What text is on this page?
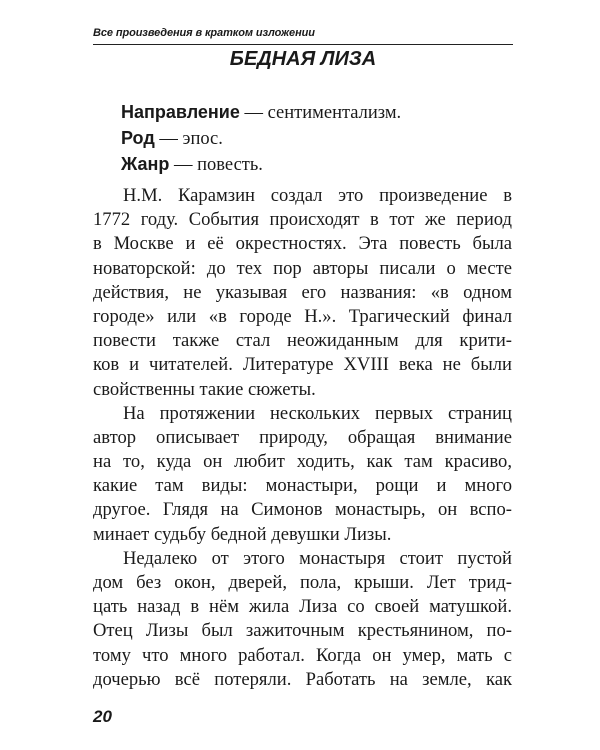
Все произведения в кратком изложении
БЕДНАЯ ЛИЗА
Направление — сентиментализм.
Род — эпос.
Жанр — повесть.
Н.М. Карамзин создал это произведение в
1772 году. События происходят в тот же период
в Москве и её окрестностях. Эта повесть была
новаторской: до тех пор авторы писали о месте
действия, не указывая его названия: «в одном
городе» или «в городе Н.». Трагический финал
повести также стал неожиданным для крити-
ков и читателей. Литературе XVIII века не были
свойственны такие сюжеты.
На протяжении нескольких первых страниц
автор описывает природу, обращая внимание
на то, куда он любит ходить, как там красиво,
какие там виды: монастыри, рощи и много
другое. Глядя на Симонов монастырь, он вспо-
минает судьбу бедной девушки Лизы.
Недалеко от этого монастыря стоит пустой
дом без окон, дверей, пола, крыши. Лет трид-
цать назад в нём жила Лиза со своей матушкой.
Отец Лизы был зажиточным крестьянином, по-
тому что много работал. Когда он умер, мать с
дочерью всё потеряли. Работать на земле, как
20
